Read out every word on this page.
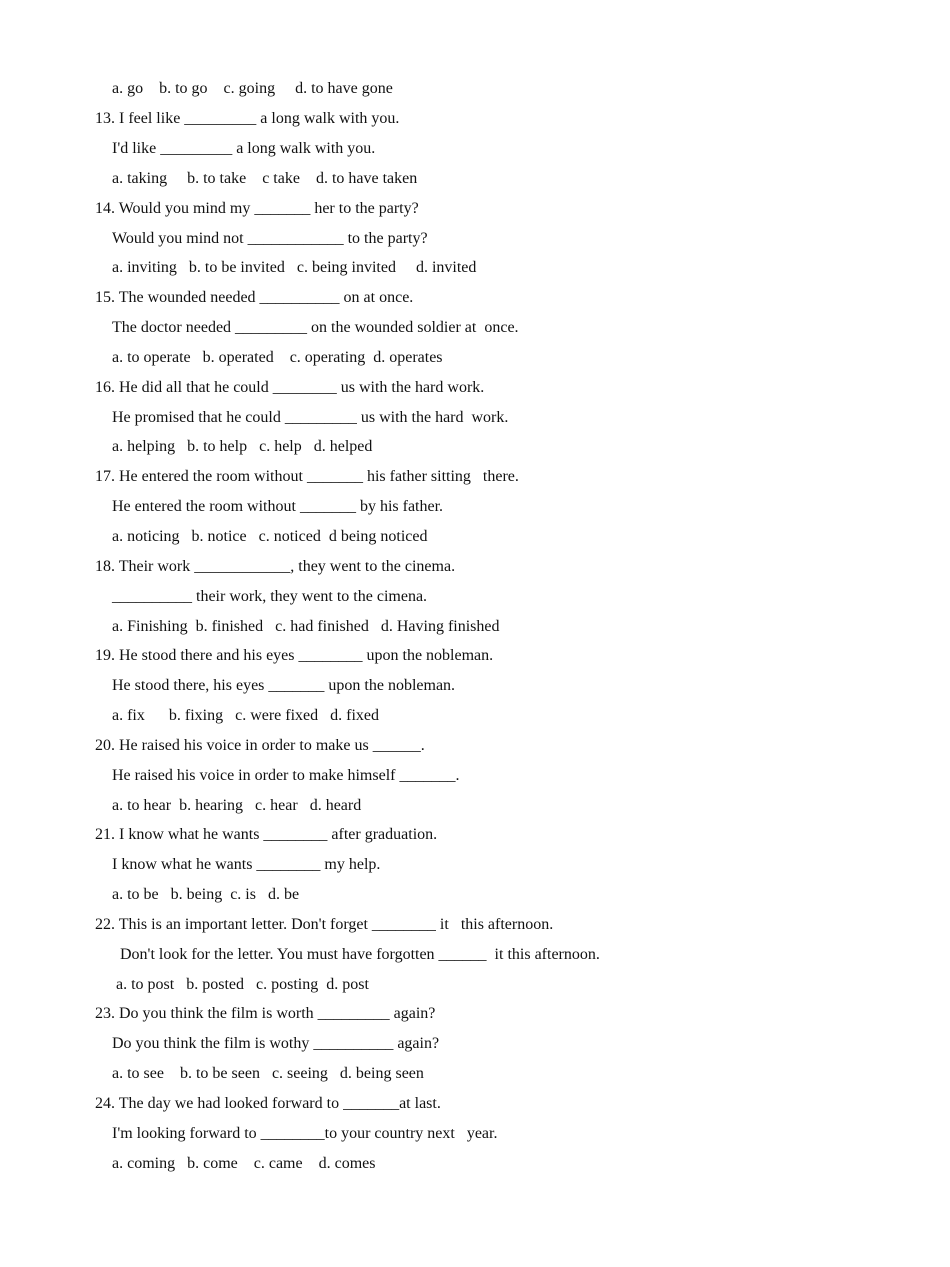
a. go    b. to go    c. going     d. to have gone
13. I feel like _________ a long walk with you.
I'd like _________ a long walk with you.
a. taking     b. to take    c take    d. to have taken
14. Would you mind my _______ her to the party?
Would you mind not ____________ to the party?
a. inviting   b. to be invited   c. being invited     d. invited
15. The wounded needed __________ on at once.
The doctor needed _________ on the wounded soldier at  once.
a. to operate   b. operated    c. operating  d. operates
16. He did all that he could ________ us with the hard work.
He promised that he could _________ us with the hard  work.
a. helping   b. to help   c. help   d. helped
17. He entered the room without _______ his father sitting   there.
He entered the room without _______ by his father.
a. noticing   b. notice   c. noticed  d being noticed
18. Their work ____________, they went to the cinema.
__________ their work, they went to the cimena.
a. Finishing  b. finished   c. had finished   d. Having finished
19. He stood there and his eyes ________ upon the nobleman.
He stood there, his eyes _______ upon the nobleman.
a. fix      b. fixing   c. were fixed   d. fixed
20. He raised his voice in order to make us ______.
He raised his voice in order to make himself _______.
a. to hear  b. hearing   c. hear   d. heard
21. I know what he wants ________ after graduation.
I know what he wants ________ my help.
a. to be   b. being  c. is   d. be
22. This is an important letter. Don't forget ________ it   this afternoon.
Don't look for the letter. You must have forgotten ______  it this afternoon.
a. to post   b. posted   c. posting  d. post
23. Do you think the film is worth _________ again?
Do you think the film is wothy __________ again?
a. to see    b. to be seen   c. seeing   d. being seen
24. The day we had looked forward to _______at last.
I'm looking forward to ________to your country next   year.
a. coming   b. come    c. came    d. comes
